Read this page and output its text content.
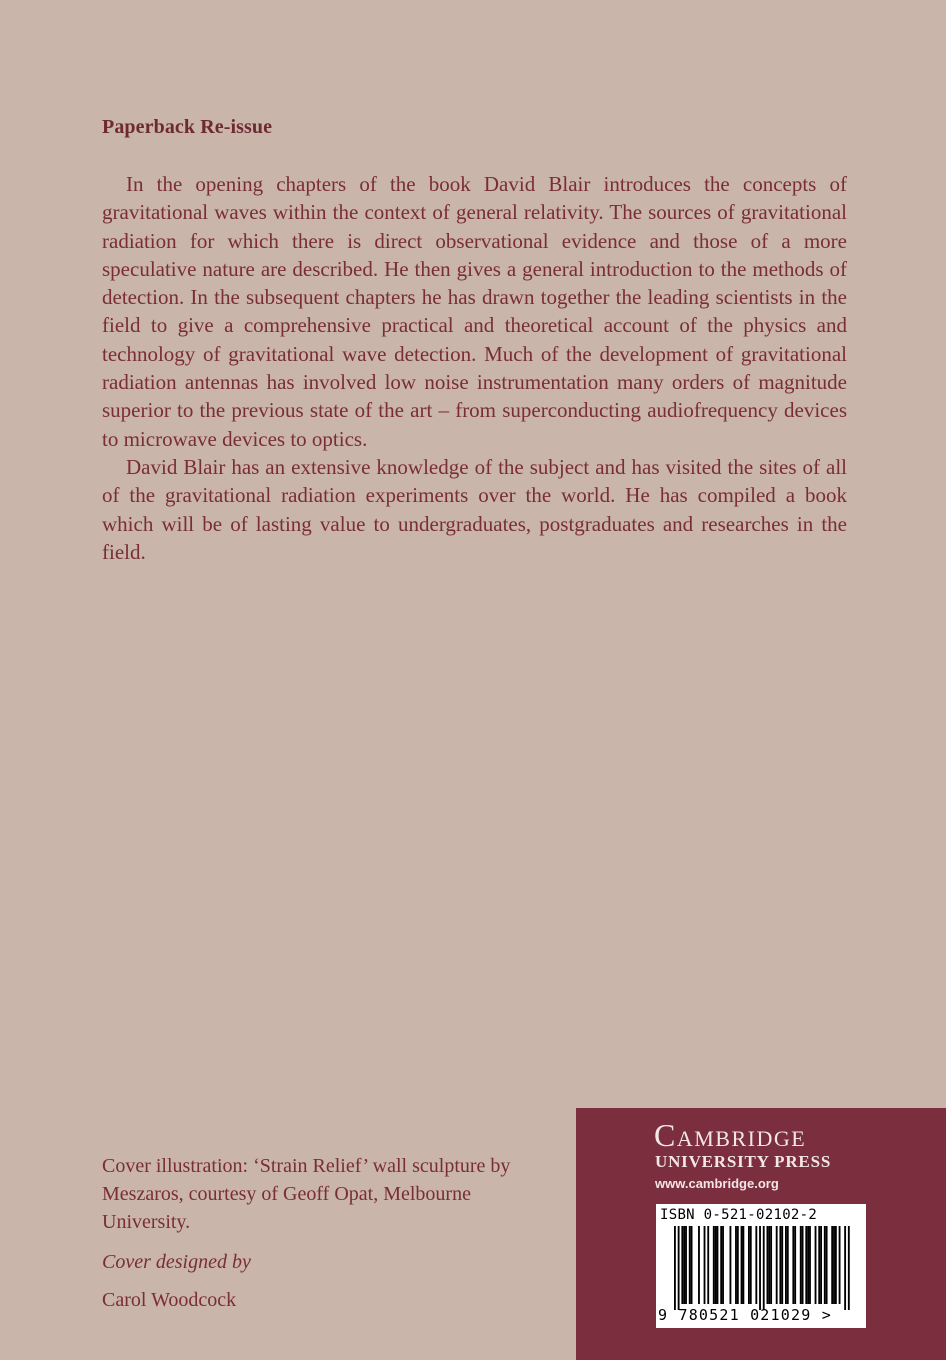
Paperback Re-issue

In the opening chapters of the book David Blair introduces the concepts of gravitational waves within the context of general relativity. The sources of gravitational radiation for which there is direct observational evidence and those of a more speculative nature are described. He then gives a general introduction to the methods of detection. In the subsequent chapters he has drawn together the leading scientists in the field to give a comprehensive practical and theoretical account of the physics and technology of gravitational wave detection. Much of the development of gravitational radiation antennas has involved low noise instrumentation many orders of magnitude superior to the previous state of the art – from superconducting audiofrequency devices to microwave devices to optics.

David Blair has an extensive knowledge of the subject and has visited the sites of all of the gravitational radiation experiments over the world. He has compiled a book which will be of lasting value to undergraduates, postgraduates and researches in the field.

Cover illustration: ‘Strain Relief’ wall sculpture by Meszaros, courtesy of Geoff Opat, Melbourne University.

Cover designed by

Carol Woodcock

Cambridge
UNIVERSITY PRESS
www.cambridge.org
ISBN 0-521-02102-2
9 780521 021029 >
